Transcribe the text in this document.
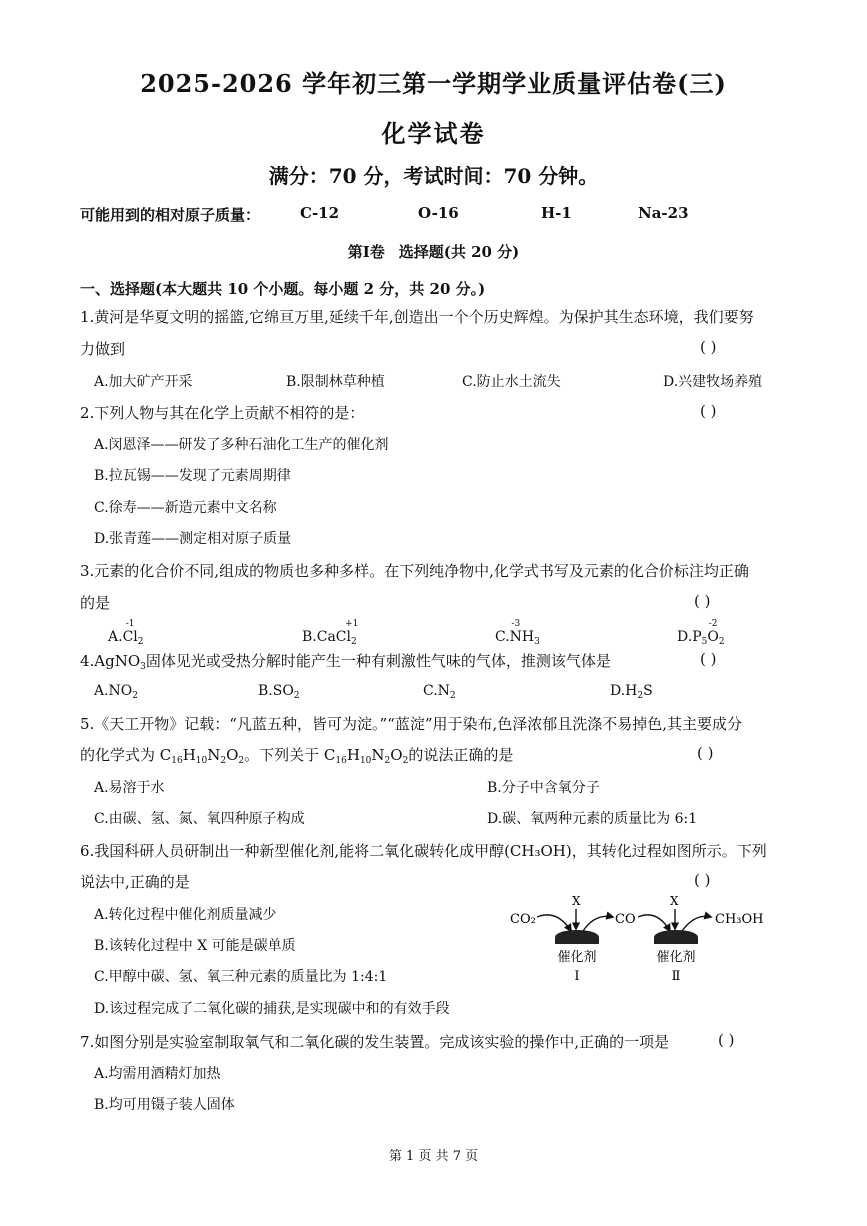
2025-2026 学年初三第一学期学业质量评估卷(三)
化学试卷
满分：70 分，考试时间：70 分钟。
可能用到的相对原子质量：	C-12	O-16	H-1	Na-23
第Ⅰ卷 选择题(共 20 分)
一、选择题(本大题共 10 个小题。每小题 2 分，共 20 分。)
1.黄河是华夏文明的摇篮,它绵亘万里,延续千年,创造出一个个历史辉煌。为保护其生态环境，我们要努
力做到	( )
A.加大矿产开采	B.限制林草种植	C.防止水土流失	D.兴建牧场养殖
2.下列人物与其在化学上贡献不相符的是：	( )
A.闵恩泽——研发了多种石油化工生产的催化剂
B.拉瓦锡——发现了元素周期律
C.徐寿——新造元素中文名称
D.张青莲——测定相对原子质量
3.元素的化合价不同,组成的物质也多种多样。在下列纯净物中,化学式书写及元素的化合价标注均正确
的是	( )
A.
-1
$Cl_2$	B.
+1
CaCl$_2$	C.
-3
$NH_3$	$D.P_5$
-2
$O_2$
4.AgNO$_3$固体见光或受热分解时能产生一种有刺激性气味的气体，推测该气体是	( )
$A.NO_2$	$B.SO_2$	$C.N_2$	$D.H_2S$
5.《天工开物》记载：“凡蓝五种，皆可为淀。”“蓝淀”用于染布,色泽浓郁且洗涤不易掉色,其主要成分
的化学式为 $C_{16}H_{10}N_2O_2$。下列关于 $C_{16}H_{10}N_2O_2$的说法正确的是	( )
A.易溶于水	B.分子中含氧分子
C.由碳、氢、氮、氧四种原子构成	D.碳、氧两种元素的质量比为 6:1
6.我国科研人员研制出一种新型催化剂,能将二氧化碳转化成甲醇(CH₃OH)，其转化过程如图所示。下列
说法中,正确的是	( )
A.转化过程中催化剂质量减少
B.该转化过程中 X 可能是碳单质
C.甲醇中碳、氢、氧三种元素的质量比为 1:4:1
D.该过程完成了二氧化碳的捕获,是实现碳中和的有效手段
CO₂
X
催化剂
Ⅰ
CO
X
催化剂
Ⅱ
CH₃OH
7.如图分别是实验室制取氧气和二氧化碳的发生装置。完成该实验的操作中,正确的一项是	( )
A.均需用酒精灯加热
B.均可用镊子装人固体
第 1 页 共 7 页
